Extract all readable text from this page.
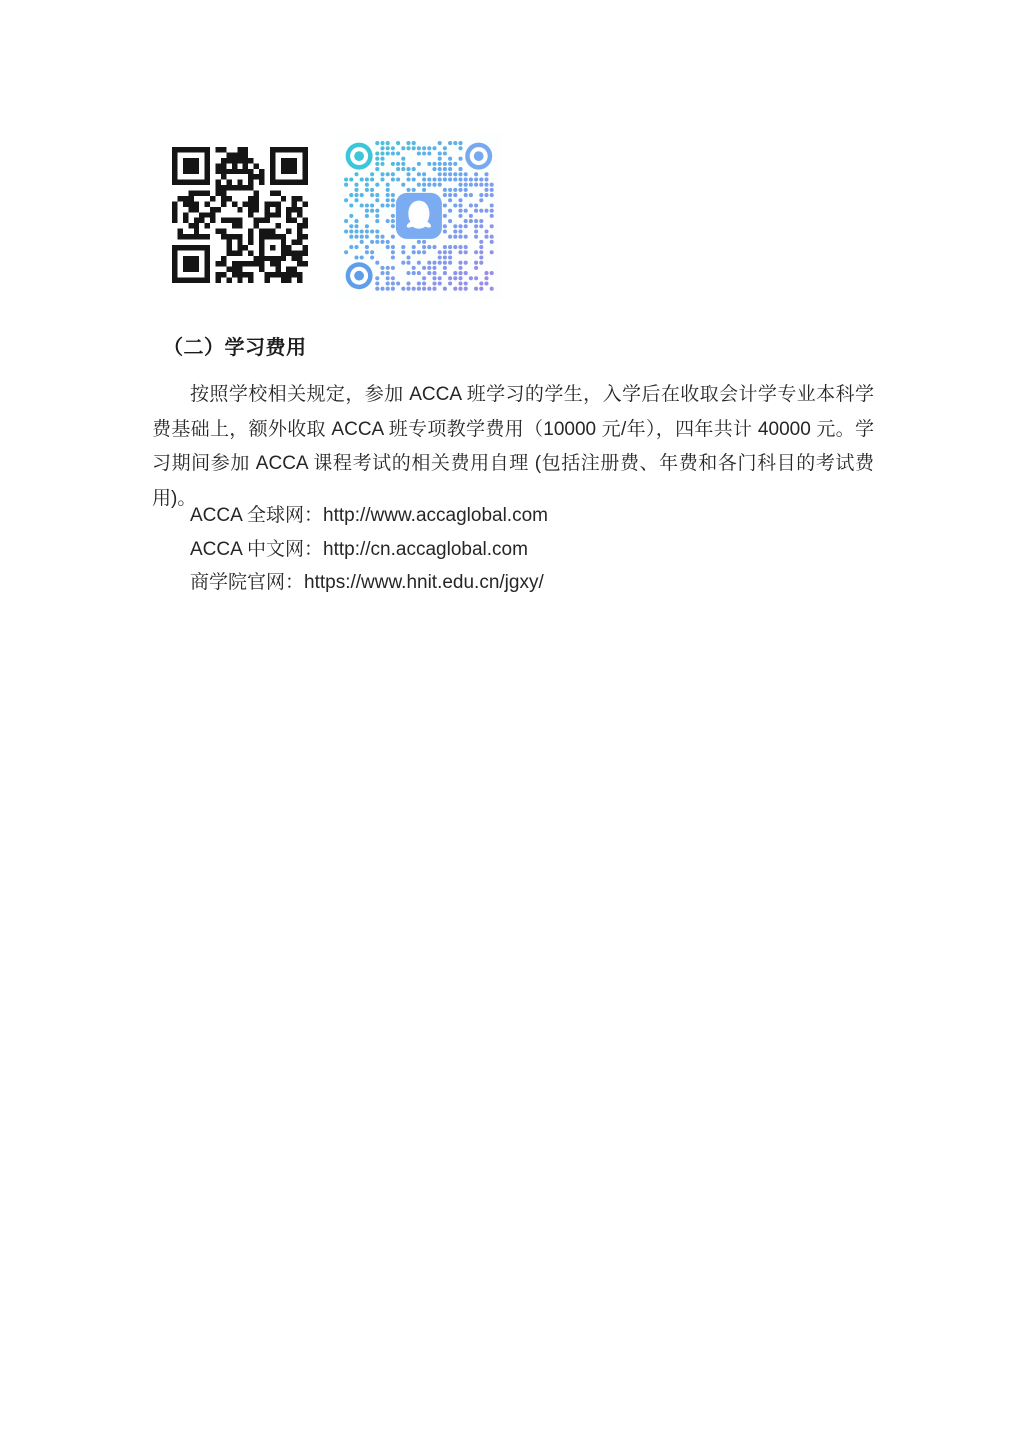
（二）学习费用

按照学校相关规定，参加 ACCA 班学习的学生，入学后在收取会计学专业本科学费基础上，额外收取 ACCA 班专项教学费用（10000 元/年），四年共计 40000 元。学习期间参加 ACCA 课程考试的相关费用自理 (包括注册费、年费和各门科目的考试费用)。

ACCA 全球网：http://www.accaglobal.com
ACCA 中文网：http://cn.accaglobal.com
商学院官网：https://www.hnit.edu.cn/jgxy/
